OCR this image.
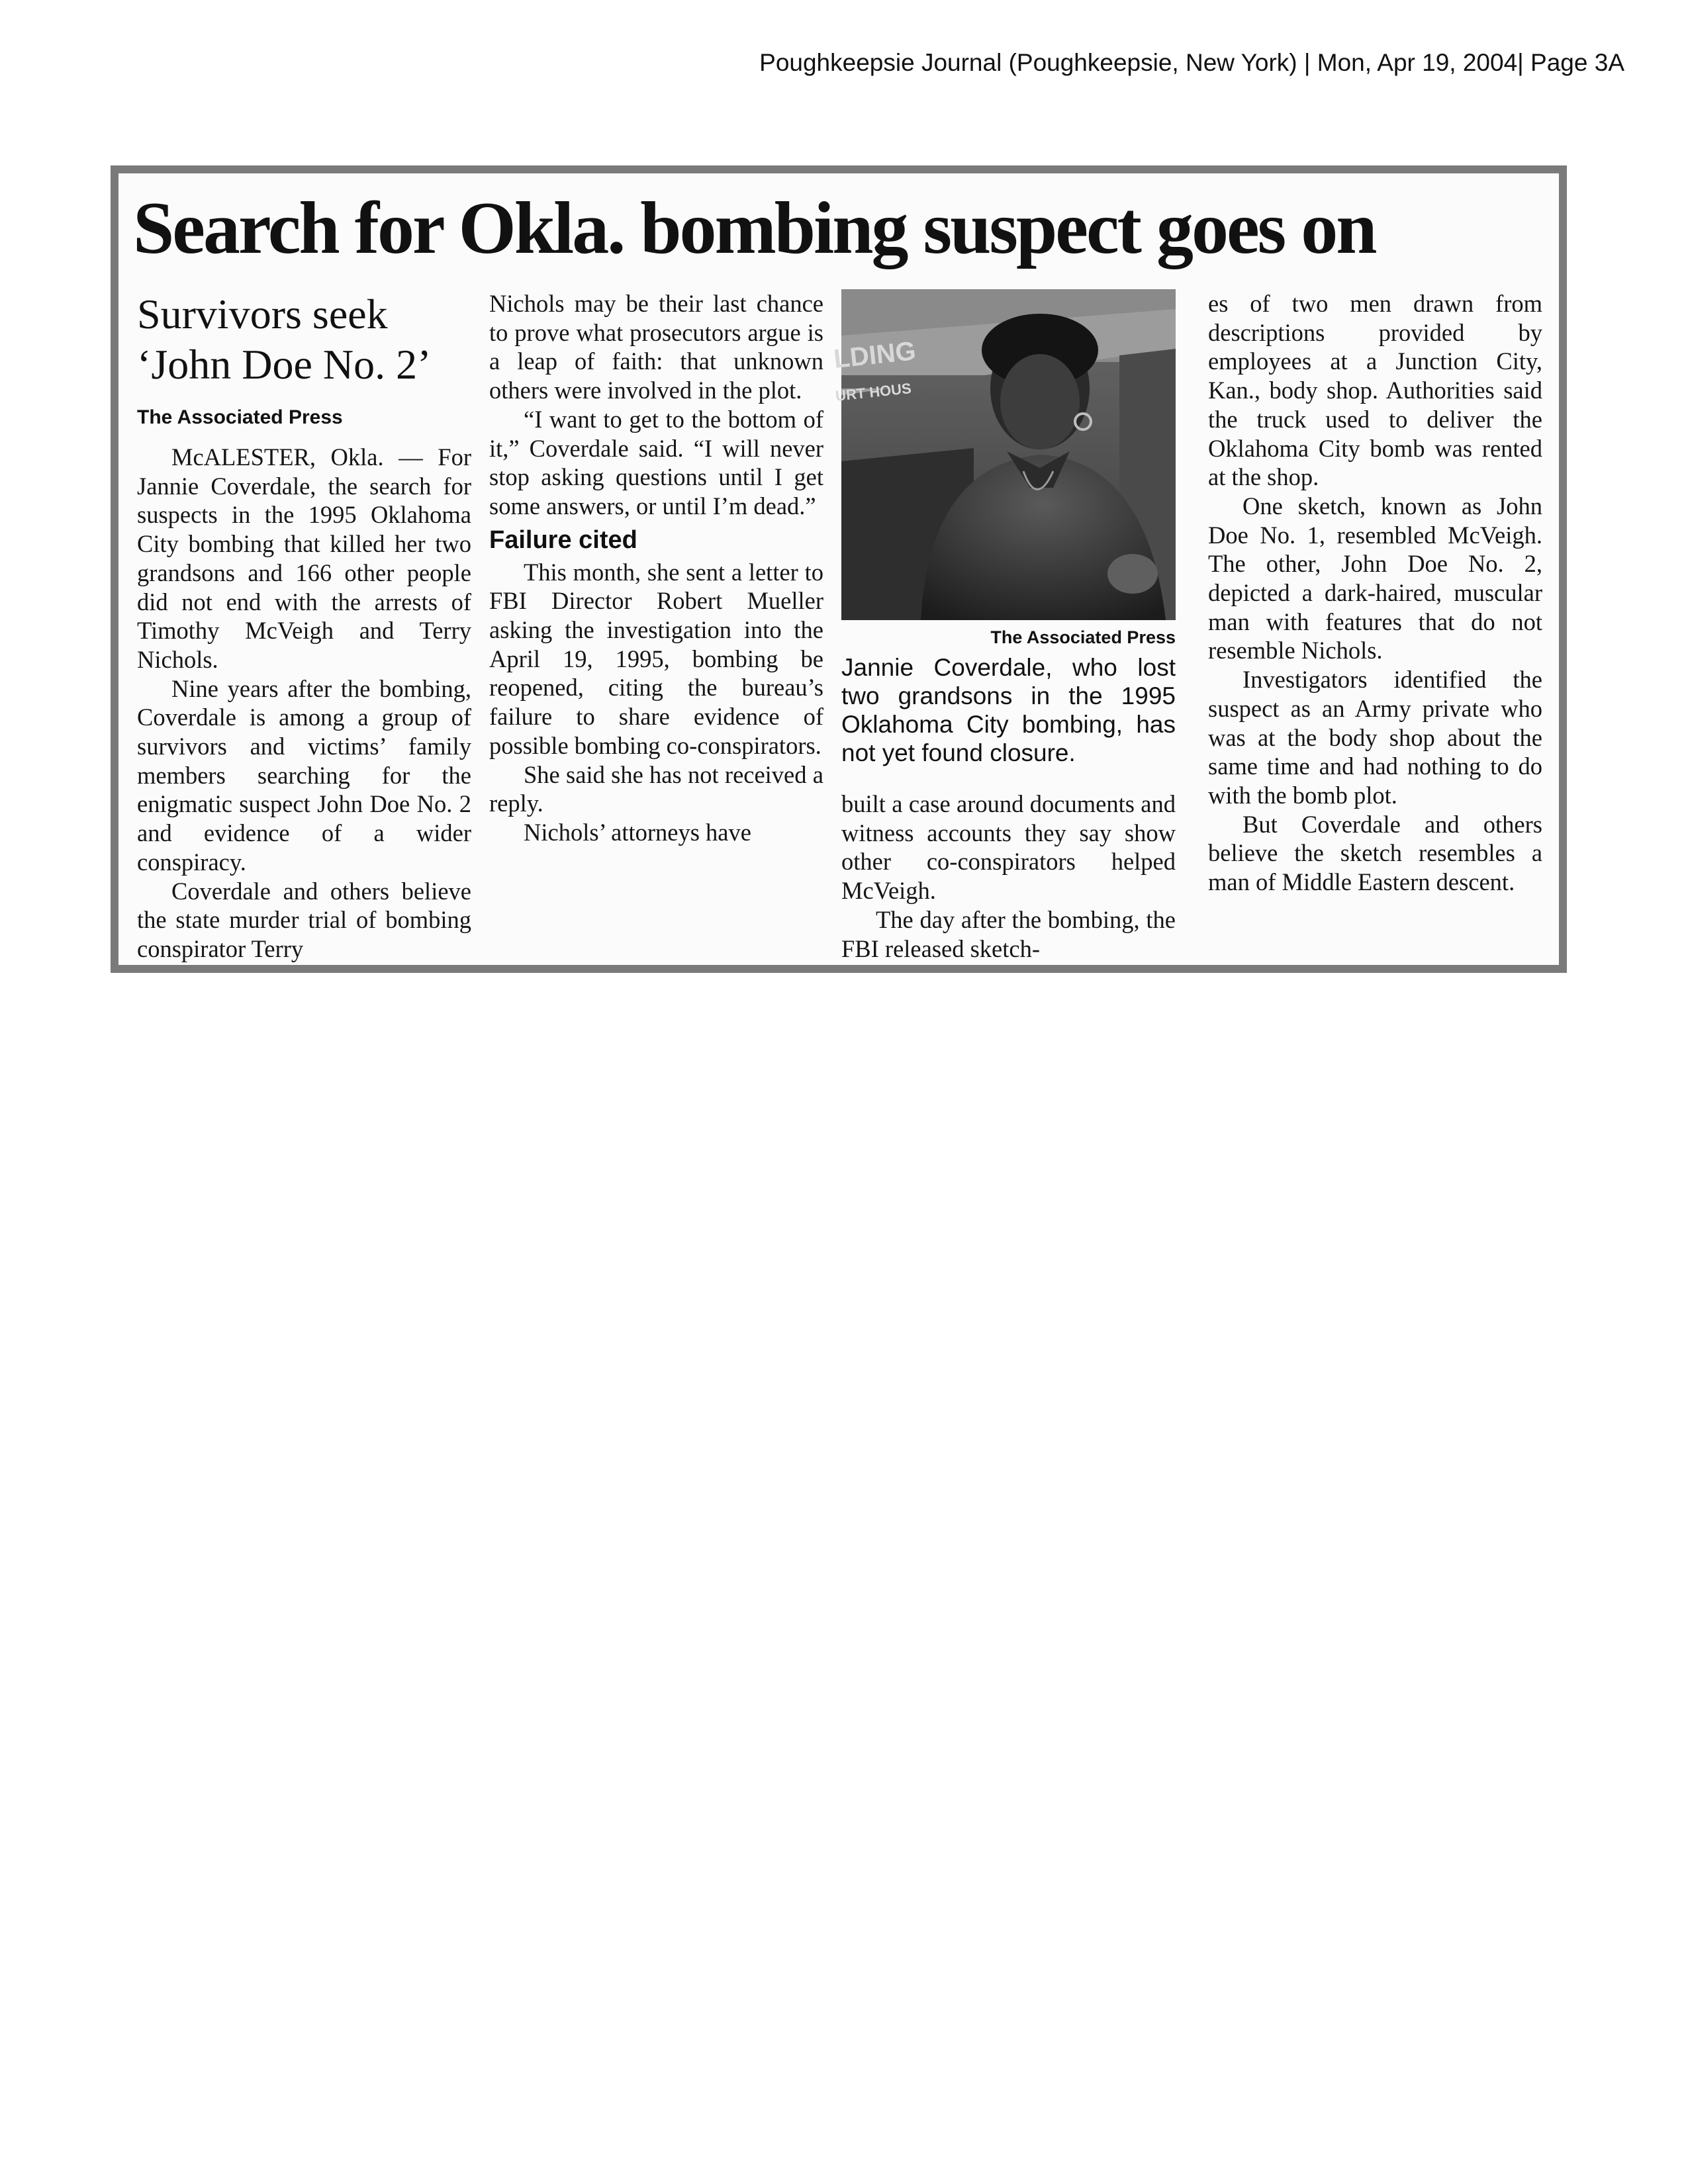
Poughkeepsie Journal (Poughkeepsie, New York) | Mon, Apr 19, 2004| Page 3A
Search for Okla. bombing suspect goes on
Survivors seek
‘John Doe No. 2’
The Associated Press

McALESTER, Okla. — For Jannie Coverdale, the search for suspects in the 1995 Oklahoma City bombing that killed her two grandsons and 166 other people did not end with the arrests of Timothy McVeigh and Terry Nichols.

Nine years after the bombing, Coverdale is among a group of survivors and victims’ family members searching for the enigmatic suspect John Doe No. 2 and evidence of a wider conspiracy.

Coverdale and others believe the state murder trial of bombing conspirator Terry

Nichols may be their last chance to prove what prosecutors argue is a leap of faith: that unknown others were involved in the plot.

“I want to get to the bottom of it,” Coverdale said. “I will never stop asking questions until I get some answers, or until I’m dead.”

Failure cited

This month, she sent a letter to FBI Director Robert Mueller asking the investigation into the April 19, 1995, bombing be reopened, citing the bureau’s failure to share evidence of possible bombing co-conspirators.

She said she has not received a reply.

Nichols’ attorneys have

LDING
URT HOUS
The Associated Press
Jannie Coverdale, who lost two grandsons in the 1995 Oklahoma City bombing, has not yet found closure.

built a case around documents and witness accounts they say show other co-conspirators helped McVeigh.

The day after the bombing, the FBI released sketch-

es of two men drawn from descriptions provided by employees at a Junction City, Kan., body shop. Authorities said the truck used to deliver the Oklahoma City bomb was rented at the shop.

One sketch, known as John Doe No. 1, resembled McVeigh. The other, John Doe No. 2, depicted a dark-haired, muscular man with features that do not resemble Nichols.

Investigators identified the suspect as an Army private who was at the body shop about the same time and had nothing to do with the bomb plot.

But Coverdale and others believe the sketch resembles a man of Middle Eastern descent.
